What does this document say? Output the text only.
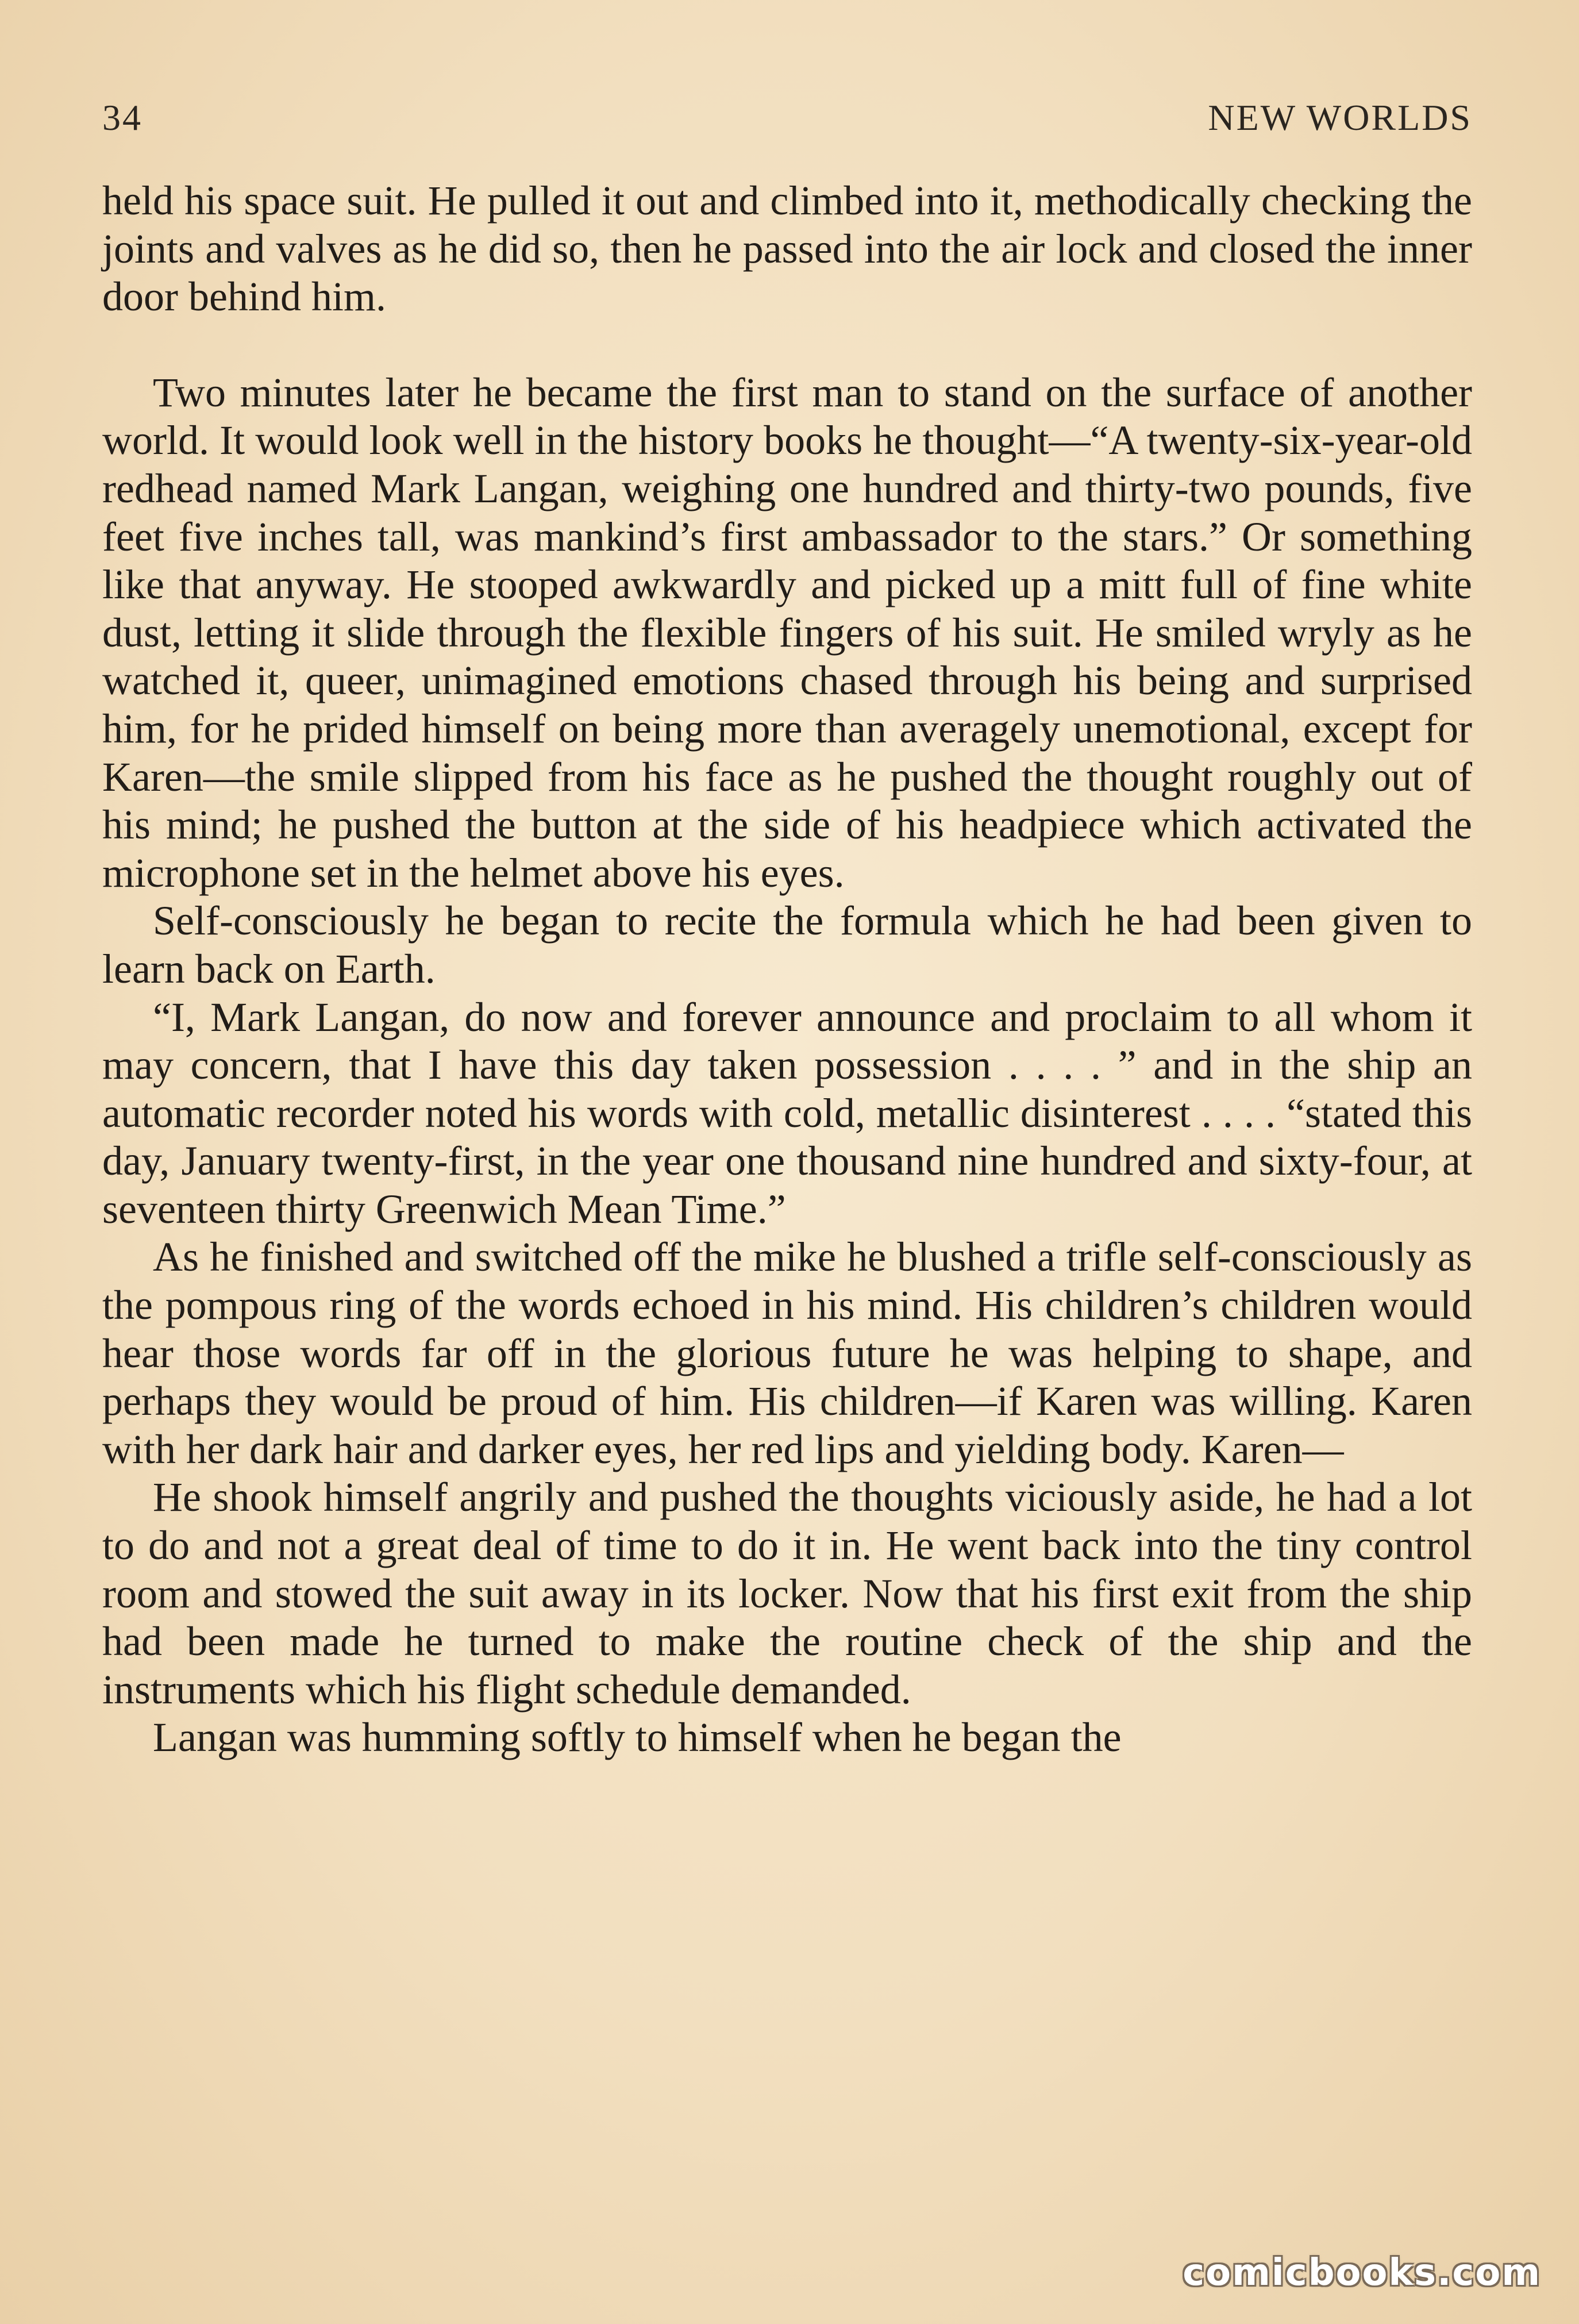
34	NEW WORLDS

held his space suit. He pulled it out and climbed into it, methodically checking the joints and valves as he did so, then he passed into the air lock and closed the inner door behind him.

Two minutes later he became the first man to stand on the surface of another world. It would look well in the history books he thought—“A twenty-six-year-old redhead named Mark Langan, weighing one hundred and thirty-two pounds, five feet five inches tall, was mankind’s first ambassador to the stars.” Or something like that anyway. He stooped awkwardly and picked up a mitt full of fine white dust, letting it slide through the flexible fingers of his suit. He smiled wryly as he watched it, queer, unimagined emotions chased through his being and surprised him, for he prided himself on being more than averagely unemotional, except for Karen—the smile slipped from his face as he pushed the thought roughly out of his mind; he pushed the button at the side of his headpiece which activated the microphone set in the helmet above his eyes.

Self-consciously he began to recite the formula which he had been given to learn back on Earth.

“I, Mark Langan, do now and forever announce and proclaim to all whom it may concern, that I have this day taken possession . . . . ” and in the ship an automatic recorder noted his words with cold, metallic disinterest . . . . “stated this day, January twenty-first, in the year one thousand nine hundred and sixty-four, at seventeen thirty Greenwich Mean Time.”

As he finished and switched off the mike he blushed a trifle self-consciously as the pompous ring of the words echoed in his mind. His children’s children would hear those words far off in the glorious future he was helping to shape, and perhaps they would be proud of him. His children—if Karen was willing. Karen with her dark hair and darker eyes, her red lips and yielding body. Karen—

He shook himself angrily and pushed the thoughts viciously aside, he had a lot to do and not a great deal of time to do it in. He went back into the tiny control room and stowed the suit away in its locker. Now that his first exit from the ship had been made he turned to make the routine check of the ship and the instruments which his flight schedule demanded.

Langan was humming softly to himself when he began the

comicbooks.com
